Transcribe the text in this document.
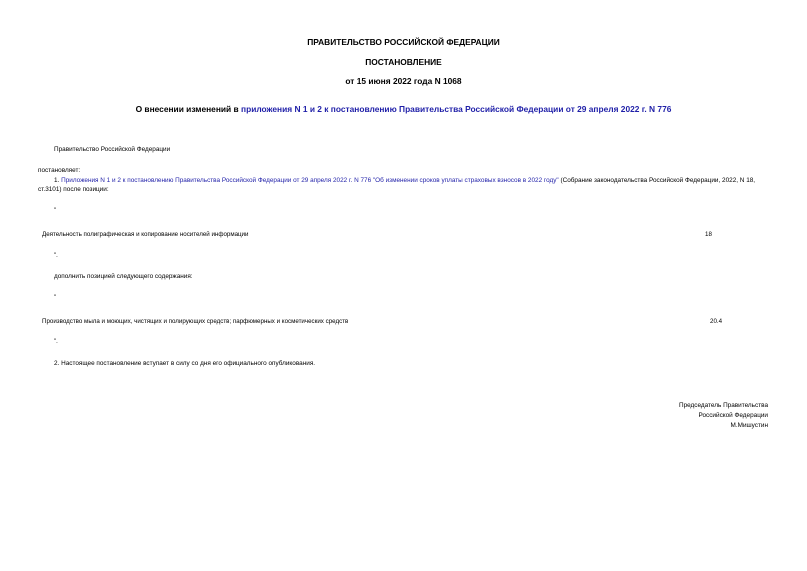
ПРАВИТЕЛЬСТВО РОССИЙСКОЙ ФЕДЕРАЦИИ
ПОСТАНОВЛЕНИЕ
от 15 июня 2022 года N 1068
О внесении изменений в приложения N 1 и 2 к постановлению Правительства Российской Федерации от 29 апреля 2022 г. N 776
Правительство Российской Федерации
постановляет:
1. Приложения N 1 и 2 к постановлению Правительства Российской Федерации от 29 апреля 2022 г. N 776 "Об изменении сроков уплаты страховых взносов в 2022 году" (Собрание законодательства Российской Федерации, 2022, N 18, ст.3101) после позиции:
"
Деятельность полиграфическая и копирование носителей информации	18
".
дополнить позицией следующего содержания:
"
Производство мыла и моющих, чистящих и полирующих средств; парфюмерных и косметических средств	20.4
".
2. Настоящее постановление вступает в силу со дня его официального опубликования.
Председатель Правительства
Российской Федерации
М.Мишустин
